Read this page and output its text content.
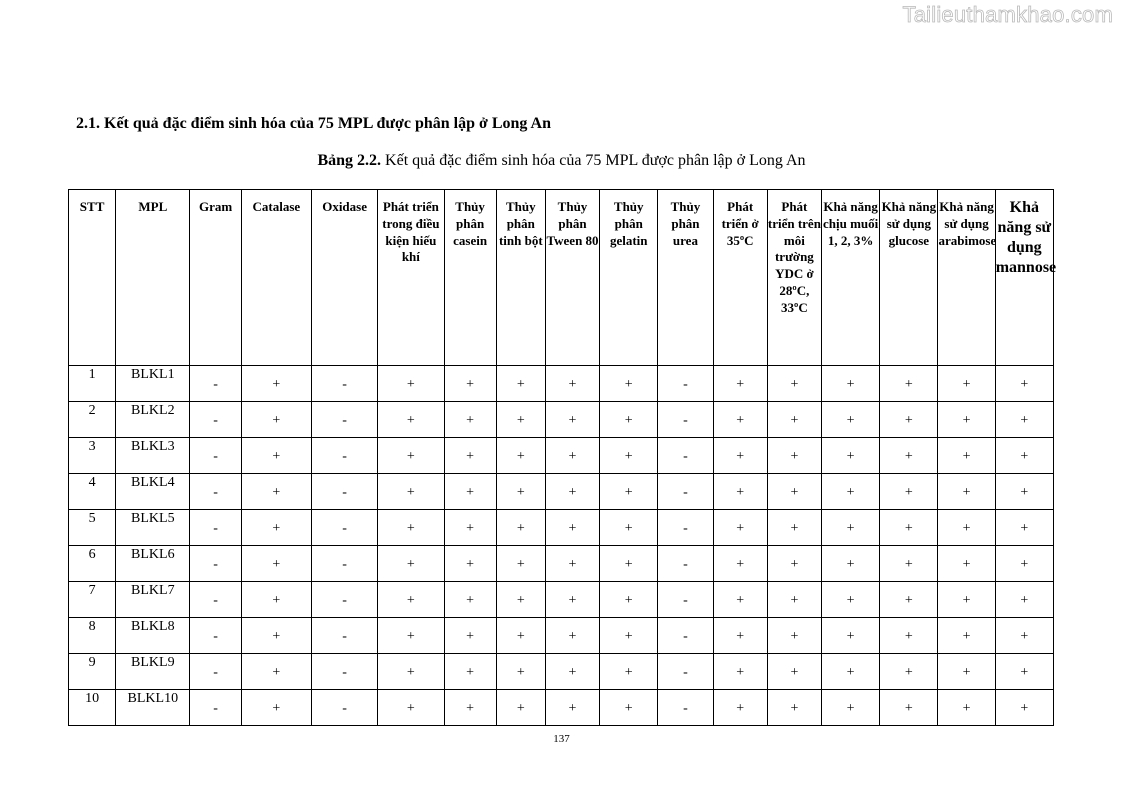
Tailieuthamkhao.com
2.1. Kết quả đặc điểm sinh hóa của 75 MPL được phân lập ở Long An
Bảng 2.2. Kết quả đặc điểm sinh hóa của 75 MPL được phân lập ở Long An
STT	MPL	Gram	Catalase	Oxidase	Phát triển trong điều kiện hiếu khí	Thủy phân casein	Thủy phân tinh bột	Thủy phân Tween 80	Thủy phân gelatin	Thủy phân urea	Phát triển ở 35ºC	Phát triển trên môi trường YDC ở 28ºC, 33ºC	Khả năng chịu muối 1, 2, 3%	Khả năng sử dụng glucose	Khả năng sử dụng arabimose	Khả năng sử dụng mannose
1	BLKL1	-	+	-	+	+	+	+	+	-	+	+	+	+	+	+
2	BLKL2	-	+	-	+	+	+	+	+	-	+	+	+	+	+	+
3	BLKL3	-	+	-	+	+	+	+	+	-	+	+	+	+	+	+
4	BLKL4	-	+	-	+	+	+	+	+	-	+	+	+	+	+	+
5	BLKL5	-	+	-	+	+	+	+	+	-	+	+	+	+	+	+
6	BLKL6	-	+	-	+	+	+	+	+	-	+	+	+	+	+	+
7	BLKL7	-	+	-	+	+	+	+	+	-	+	+	+	+	+	+
8	BLKL8	-	+	-	+	+	+	+	+	-	+	+	+	+	+	+
9	BLKL9	-	+	-	+	+	+	+	+	-	+	+	+	+	+	+
10	BLKL10	-	+	-	+	+	+	+	+	-	+	+	+	+	+	+
137
